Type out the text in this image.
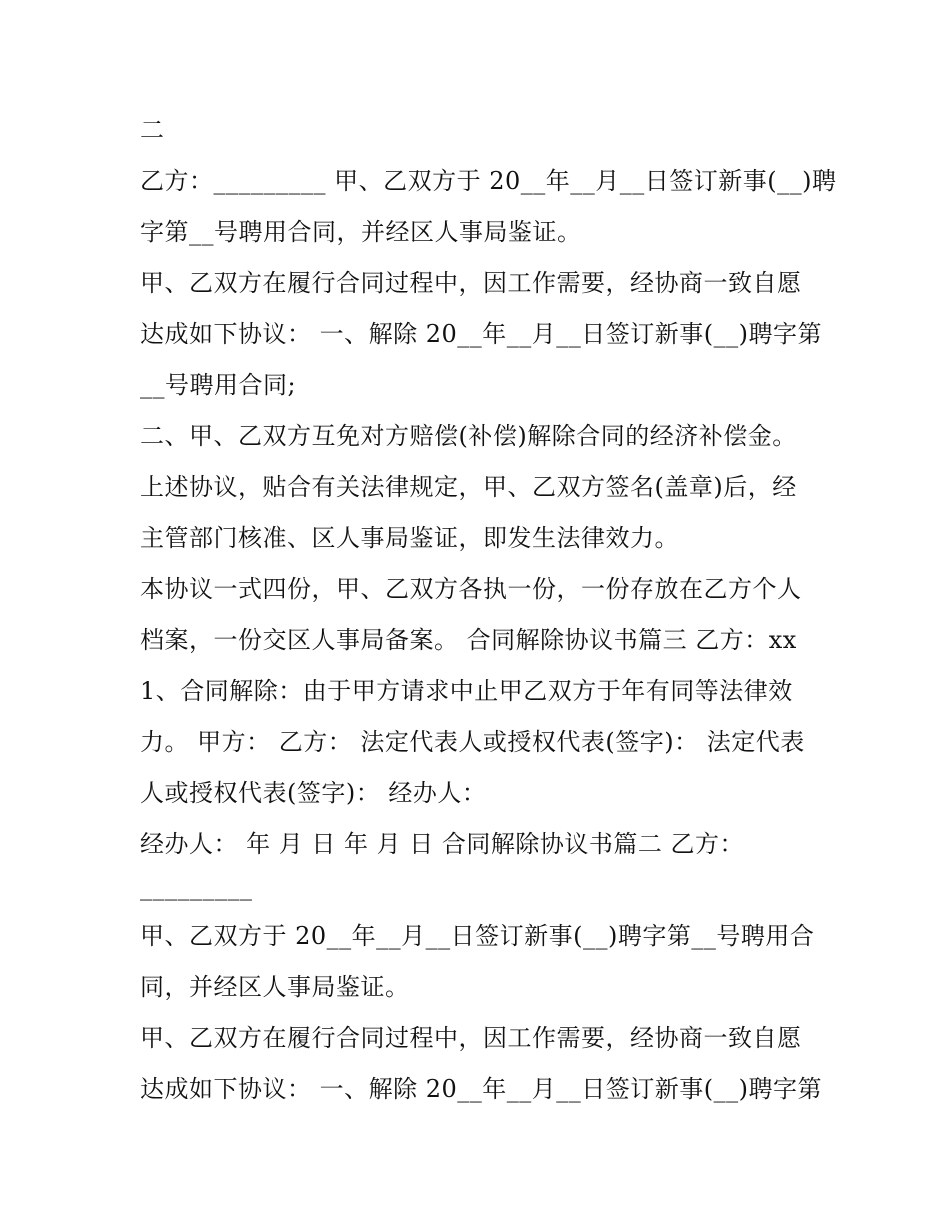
二

乙方：_________ 甲、乙双方于 20__年__月__日签订新事(__)聘

字第__号聘用合同，并经区人事局鉴证。

甲、乙双方在履行合同过程中，因工作需要，经协商一致自愿

达成如下协议： 一、解除 20__年__月__日签订新事(__)聘字第

__号聘用合同;

二、甲、乙双方互免对方赔偿(补偿)解除合同的经济补偿金。

上述协议，贴合有关法律规定，甲、乙双方签名(盖章)后，经

主管部门核准、区人事局鉴证，即发生法律效力。

本协议一式四份，甲、乙双方各执一份，一份存放在乙方个人

档案，一份交区人事局备案。 合同解除协议书篇三 乙方：xx

1、合同解除：由于甲方请求中止甲乙双方于年有同等法律效

力。 甲方： 乙方： 法定代表人或授权代表(签字)： 法定代表

人或授权代表(签字)： 经办人：

经办人： 年 月 日 年 月 日 合同解除协议书篇二 乙方：

_________

甲、乙双方于 20__年__月__日签订新事(__)聘字第__号聘用合

同，并经区人事局鉴证。

甲、乙双方在履行合同过程中，因工作需要，经协商一致自愿

达成如下协议： 一、解除 20__年__月__日签订新事(__)聘字第
